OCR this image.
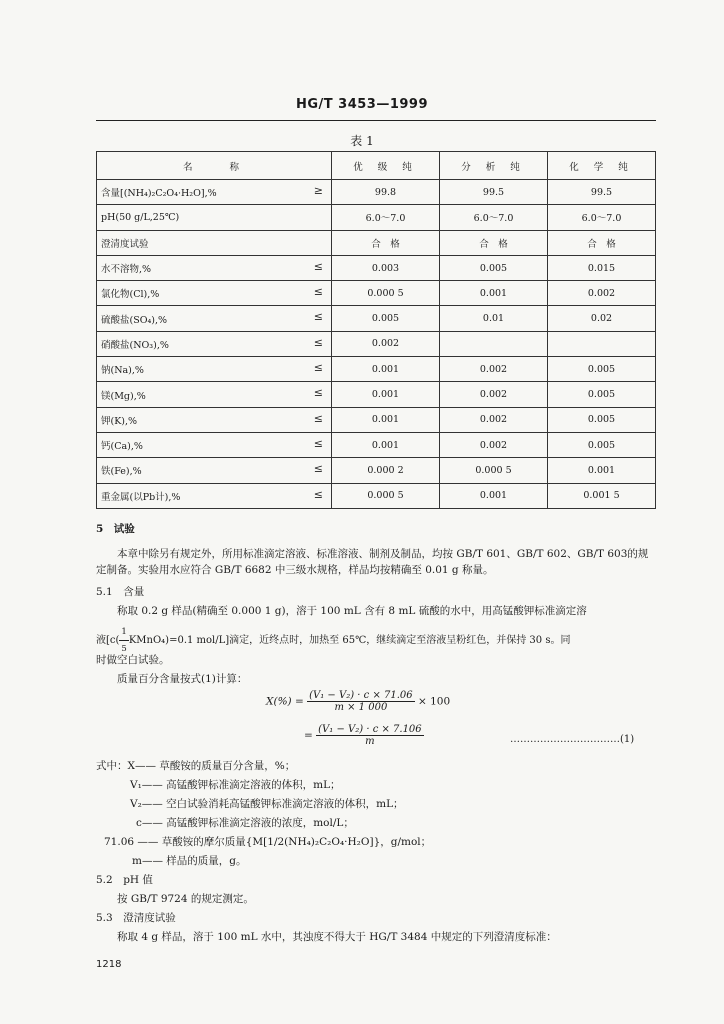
HG/T 3453—1999
表 1
名　　称	优 级 纯	分 析 纯	化 学 纯
含量[(NH₄)₂C₂O₄·H₂O],% ≥	99.8	99.5	99.5
pH(50 g/L,25℃)	6.0～7.0	6.0～7.0	6.0～7.0
澄清度试验	合　格	合　格	合　格
水不溶物,% ≤	0.003	0.005	0.015
氯化物(Cl),% ≤	0.000 5	0.001	0.002
硫酸盐(SO₄),% ≤	0.005	0.01	0.02
硝酸盐(NO₃),% ≤	0.002		
钠(Na),% ≤	0.001	0.002	0.005
镁(Mg),% ≤	0.001	0.002	0.005
钾(K),% ≤	0.001	0.002	0.005
钙(Ca),% ≤	0.001	0.002	0.005
铁(Fe),% ≤	0.000 2	0.000 5	0.001
重金属(以Pb计),% ≤	0.000 5	0.001	0.001 5
5　试验
本章中除另有规定外，所用标准滴定溶液、标准溶液、制剂及制品，均按 GB/T 601、GB/T 602、GB/T 603的规定制备。实验用水应符合 GB/T 6682 中三级水规格，样品均按精确至 0.01 g 称量。
5.1　含量
称取 0.2 g 样品(精确至 0.000 1 g)，溶于 100 mL 含有 8 mL 硫酸的水中，用高锰酸钾标准滴定溶
液[$c( \frac{1}{5}$ KMnO₄)=0.1 mol/L]滴定，近终点时，加热至 65℃，继续滴定至溶液呈粉红色，并保持 30 s。同
时做空白试验。
质量百分含量按式(1)计算：
$X(\%) = \frac{\text{(V₁ − V₂) · c × 71.06}}{m \times 1 000} \times 100$
= $\frac{\text{(V₁ − V₂) · c × 7.106}}{m}$	……………………………(1)
式中：X—— 草酸铵的质量百分含量，%；
V₁—— 高锰酸钾标准滴定溶液的体积，mL；
V₂—— 空白试验消耗高锰酸钾标准滴定溶液的体积，mL；
c—— 高锰酸钾标准滴定溶液的浓度，mol/L；
71.06 —— 草酸铵的摩尔质量{M[1/2(NH₄)₂C₂O₄·H₂O]}，g/mol；
m—— 样品的质量，g。
5.2　pH 值
按 GB/T 9724 的规定测定。
5.3　澄清度试验
称取 4 g 样品，溶于 100 mL 水中，其浊度不得大于 HG/T 3484 中规定的下列澄清度标准：
1218
